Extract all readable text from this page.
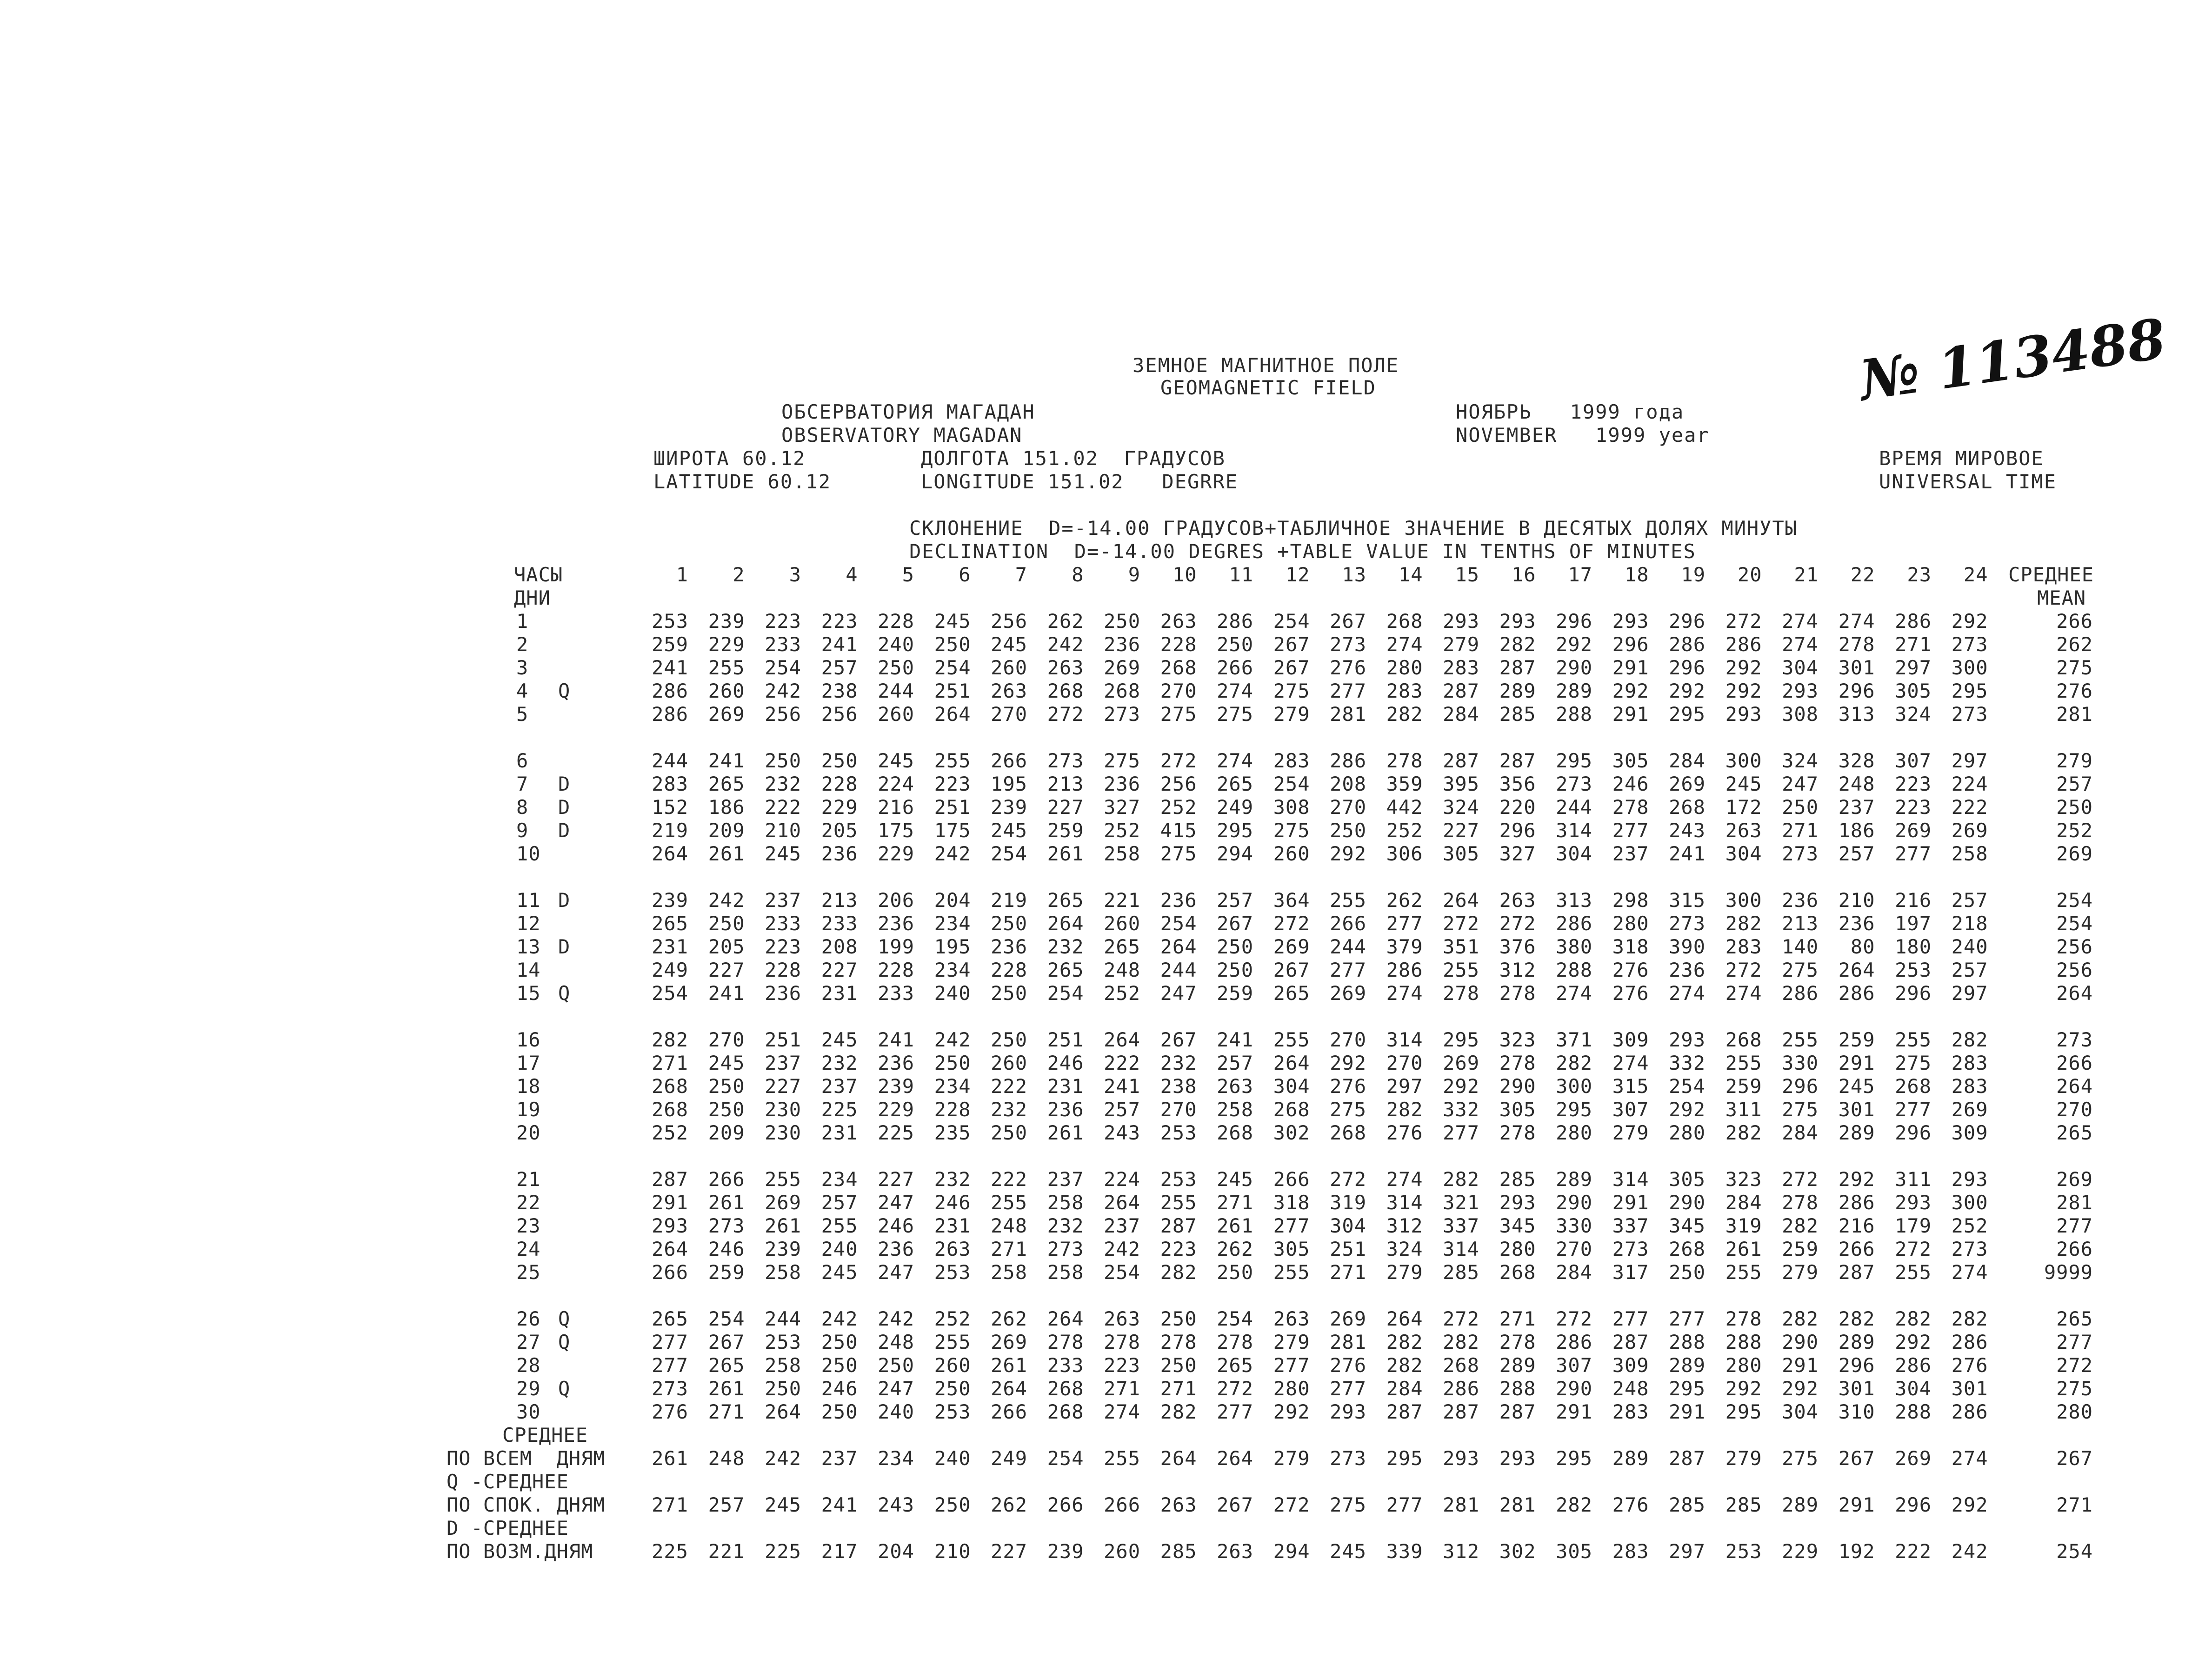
ЗЕМНОЕ МАГНИТНОЕ ПОЛЕ
GEOMAGNETIC FIELD
ОБСЕРВАТОРИЯ МАГАДАН
OBSERVATORY MAGADAN
НОЯБРЬ   1999 года
NOVEMBER   1999 year
№ 113488
ШИРОТА 60.12
LATITUDE 60.12
ДОЛГОТА 151.02  ГРАДУСОВ
LONGITUDE 151.02   DEGRRE
ВРЕМЯ МИРОВОЕ
UNIVERSAL TIME
СКЛОНЕНИЕ  D=-14.00 ГРАДУСОВ+ТАБЛИЧНОЕ ЗНАЧЕНИЕ В ДЕСЯТЫХ ДОЛЯХ МИНУТЫ
DECLINATION  D=-14.00 DEGRES +TABLE VALUE IN TENTHS OF MINUTES
ЧАСЫ
ДНИ
СРЕДНЕЕ
MEAN
1	2	3	4	5	6	7	8	9	10	11	12	13	14	15	16	17	18	19	20	21	22	23	24
1	253	239	223	223	228	245	256	262	250	263	286	254	267	268	293	293	296	293	296	272	274	274	286	292	266
2	259	229	233	241	240	250	245	242	236	228	250	267	273	274	279	282	292	296	286	286	274	278	271	273	262
3	241	255	254	257	250	254	260	263	269	268	266	267	276	280	283	287	290	291	296	292	304	301	297	300	275
4 Q	286	260	242	238	244	251	263	268	268	270	274	275	277	283	287	289	289	292	292	292	293	296	305	295	276
5	286	269	256	256	260	264	270	272	273	275	275	279	281	282	284	285	288	291	295	293	308	313	324	273	281
6	244	241	250	250	245	255	266	273	275	272	274	283	286	278	287	287	295	305	284	300	324	328	307	297	279
7 D	283	265	232	228	224	223	195	213	236	256	265	254	208	359	395	356	273	246	269	245	247	248	223	224	257
8 D	152	186	222	229	216	251	239	227	327	252	249	308	270	442	324	220	244	278	268	172	250	237	223	222	250
9 D	219	209	210	205	175	175	245	259	252	415	295	275	250	252	227	296	314	277	243	263	271	186	269	269	252
10	264	261	245	236	229	242	254	261	258	275	294	260	292	306	305	327	304	237	241	304	273	257	277	258	269
11 D	239	242	237	213	206	204	219	265	221	236	257	364	255	262	264	263	313	298	315	300	236	210	216	257	254
12	265	250	233	233	236	234	250	264	260	254	267	272	266	277	272	272	286	280	273	282	213	236	197	218	254
13 D	231	205	223	208	199	195	236	232	265	264	250	269	244	379	351	376	380	318	390	283	140	80	180	240	256
14	249	227	228	227	228	234	228	265	248	244	250	267	277	286	255	312	288	276	236	272	275	264	253	257	256
15 Q	254	241	236	231	233	240	250	254	252	247	259	265	269	274	278	278	274	276	274	274	286	286	296	297	264
16	282	270	251	245	241	242	250	251	264	267	241	255	270	314	295	323	371	309	293	268	255	259	255	282	273
17	271	245	237	232	236	250	260	246	222	232	257	264	292	270	269	278	282	274	332	255	330	291	275	283	266
18	268	250	227	237	239	234	222	231	241	238	263	304	276	297	292	290	300	315	254	259	296	245	268	283	264
19	268	250	230	225	229	228	232	236	257	270	258	268	275	282	332	305	295	307	292	311	275	301	277	269	270
20	252	209	230	231	225	235	250	261	243	253	268	302	268	276	277	278	280	279	280	282	284	289	296	309	265
21	287	266	255	234	227	232	222	237	224	253	245	266	272	274	282	285	289	314	305	323	272	292	311	293	269
22	291	261	269	257	247	246	255	258	264	255	271	318	319	314	321	293	290	291	290	284	278	286	293	300	281
23	293	273	261	255	246	231	248	232	237	287	261	277	304	312	337	345	330	337	345	319	282	216	179	252	277
24	264	246	239	240	236	263	271	273	242	223	262	305	251	324	314	280	270	273	268	261	259	266	272	273	266
25	266	259	258	245	247	253	258	258	254	282	250	255	271	279	285	268	284	317	250	255	279	287	255	274	9999
26 Q	265	254	244	242	242	252	262	264	263	250	254	263	269	264	272	271	272	277	277	278	282	282	282	282	265
27 Q	277	267	253	250	248	255	269	278	278	278	278	279	281	282	282	278	286	287	288	288	290	289	292	286	277
28	277	265	258	250	250	260	261	233	223	250	265	277	276	282	268	289	307	309	289	280	291	296	286	276	272
29 Q	273	261	250	246	247	250	264	268	271	271	272	280	277	284	286	288	290	248	295	292	292	301	304	301	275
30	276	271	264	250	240	253	266	268	274	282	277	292	293	287	287	287	291	283	291	295	304	310	288	286	280
СРЕДНЕЕ
ПО ВСЕМ  ДНЯМ	261	248	242	237	234	240	249	254	255	264	264	279	273	295	293	293	295	289	287	279	275	267	269	274	267
Q -СРЕДНЕЕ
ПО СПОК. ДНЯМ	271	257	245	241	243	250	262	266	266	263	267	272	275	277	281	281	282	276	285	285	289	291	296	292	271
D -СРЕДНЕЕ
ПО ВОЗМ.ДНЯМ	225	221	225	217	204	210	227	239	260	285	263	294	245	339	312	302	305	283	297	253	229	192	222	242	254
